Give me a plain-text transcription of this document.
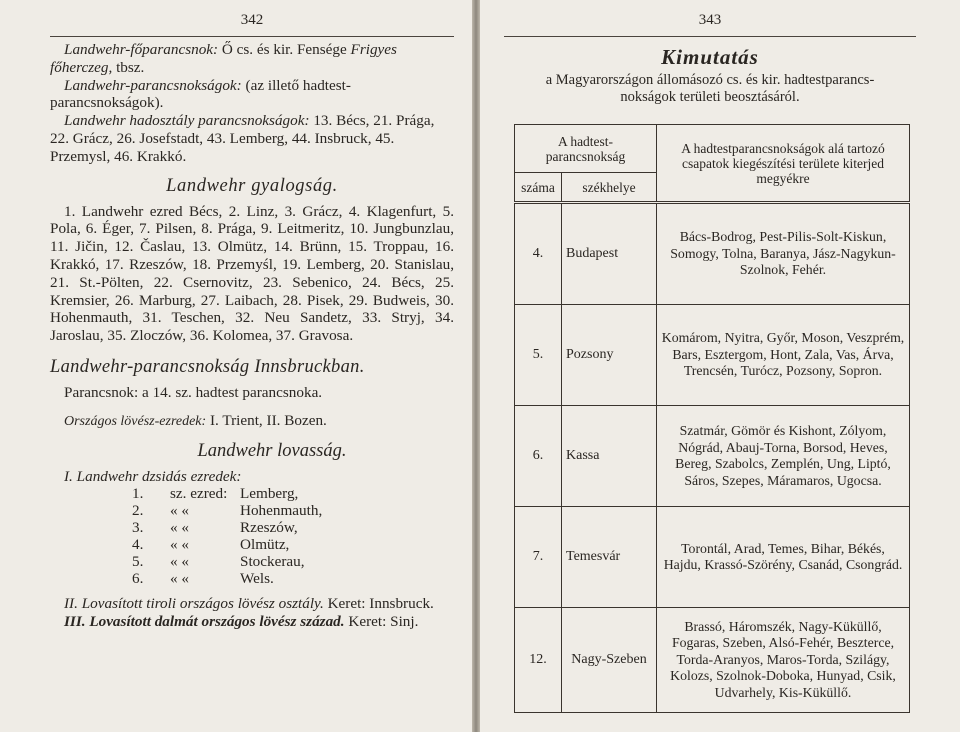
342

Landwehr-főparancsnok: Ő cs. és kir. Fensége Frigyes főherczeg, tbsz.

Landwehr-parancsnokságok: (az illető hadtest-parancsnokságok).

Landwehr hadosztály parancsnokságok: 13. Bécs, 21. Prága, 22. Grácz, 26. Josefstadt, 43. Lemberg, 44. Insbruck, 45. Przemysl, 46. Krakkó.

Landwehr gyalogság.

1. Landwehr ezred Bécs, 2. Linz, 3. Grácz, 4. Klagenfurt, 5. Pola, 6. Éger, 7. Pilsen, 8. Prága, 9. Leitmeritz, 10. Jungbunzlau, 11. Jičin, 12. Časlau, 13. Olmütz, 14. Brünn, 15. Troppau, 16. Krakkó, 17. Rzeszów, 18. Przemyśl, 19. Lemberg, 20. Stanislau, 21. St.-Pölten, 22. Csernovitz, 23. Sebenico, 24. Bécs, 25. Kremsier, 26. Marburg, 27. Laibach, 28. Pisek, 29. Budweis, 30. Hohenmauth, 31. Teschen, 32. Neu Sandetz, 33. Stryj, 34. Jaroslau, 35. Zloczów, 36. Kolomea, 37. Gravosa.

Landwehr-parancsnokság Innsbruckban.

Parancsnok: a 14. sz. hadtest parancsnoka.

Országos lövész-ezredek: I. Trient, II. Bozen.

Landwehr lovasság.

I. Landwehr dzsidás ezredek:

1.	sz. ezred: Lemberg,
2.	« «	Hohenmauth,
3.	« «	Rzeszów,
4.	« «	Olmütz,
5.	« «	Stockerau,
6.	« «	Wels.

II. Lovasított tiroli országos lövész osztály. Keret: Innsbruck.

III. Lovasított dalmát országos lövész század. Keret: Sinj.

343
Kimutatás

a Magyarországon állomásozó cs. és kir. hadtestparancs-
nokságok területi beosztásáról.

A hadtest-parancsnokság		A hadtestparancsnokságok alá tartozó csapatok kiegészítési területe kiterjed megyékre
száma	székhelye	
4.	Budapest	Bács-Bodrog, Pest-Pilis-Solt-Kiskun, Somogy, Tolna, Baranya, Jász-Nagykun-Szolnok, Fehér.
5.	Pozsony	Komárom, Nyitra, Győr, Moson, Veszprém, Bars, Esztergom, Hont, Zala, Vas, Árva, Trencsén, Turócz, Pozsony, Sopron.
6.	Kassa	Szatmár, Gömör és Kishont, Zólyom, Nógrád, Abauj-Torna, Borsod, Heves, Bereg, Szabolcs, Zemplén, Ung, Liptó, Sáros, Szepes, Máramaros, Ugocsa.
7.	Temesvár	Torontál, Arad, Temes, Bihar, Békés, Hajdu, Krassó-Szörény, Csanád, Csongrád.
12.	Nagy-Szeben	Brassó, Háromszék, Nagy-Küküllő, Fogaras, Szeben, Alsó-Fehér, Beszterce, Torda-Aranyos, Maros-Torda, Szilágy, Kolozs, Szolnok-Doboka, Hunyad, Csik, Udvarhely, Kis-Küküllő.
